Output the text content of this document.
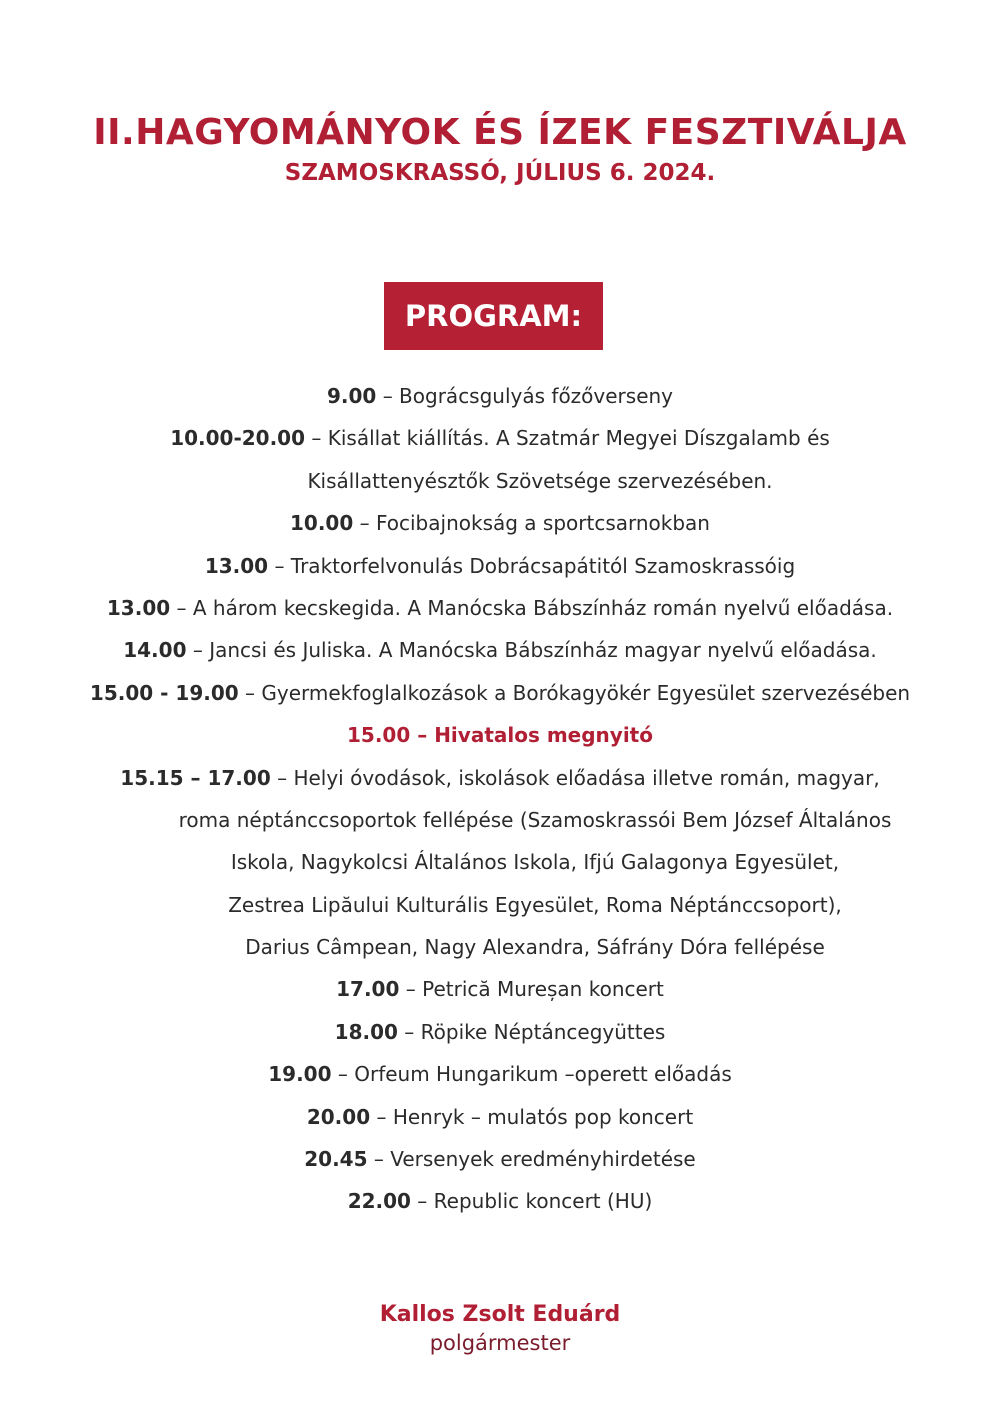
II.HAGYOMÁNYOK ÉS ÍZEK FESZTIVÁLJA
SZAMOSKRASSÓ, JÚLIUS 6. 2024.
PROGRAM:
9.00 – Bográcsgulyás főzőverseny
10.00-20.00 – Kisállat kiállítás. A Szatmár Megyei Díszgalamb és
Kisállattenyésztők Szövetsége szervezésében.
10.00 – Focibajnokság a sportcsarnokban
13.00 – Traktorfelvonulás Dobrácsapátitól Szamoskrassóig
13.00 – A három kecskegida. A Manócska Bábszínház román nyelvű előadása.
14.00 – Jancsi és Juliska. A Manócska Bábszínház magyar nyelvű előadása.
15.00 - 19.00 – Gyermekfoglalkozások a Borókagyökér Egyesület szervezésében
15.00 – Hivatalos megnyitó
15.15 – 17.00 – Helyi óvodások, iskolások előadása illetve román, magyar,
roma néptánccsoportok fellépése (Szamoskrassói Bem József Általános
Iskola, Nagykolcsi Általános Iskola, Ifjú Galagonya Egyesület,
Zestrea Lipăului Kulturális Egyesület, Roma Néptánccsoport),
Darius Câmpean, Nagy Alexandra, Sáfrány Dóra fellépése
17.00 – Petrică Mureșan koncert
18.00 – Röpike Néptáncegyüttes
19.00 – Orfeum Hungarikum –operett előadás
20.00 – Henryk – mulatós pop koncert
20.45 – Versenyek eredményhirdetése
22.00 – Republic koncert (HU)
Kallos Zsolt Eduárd
polgármester
